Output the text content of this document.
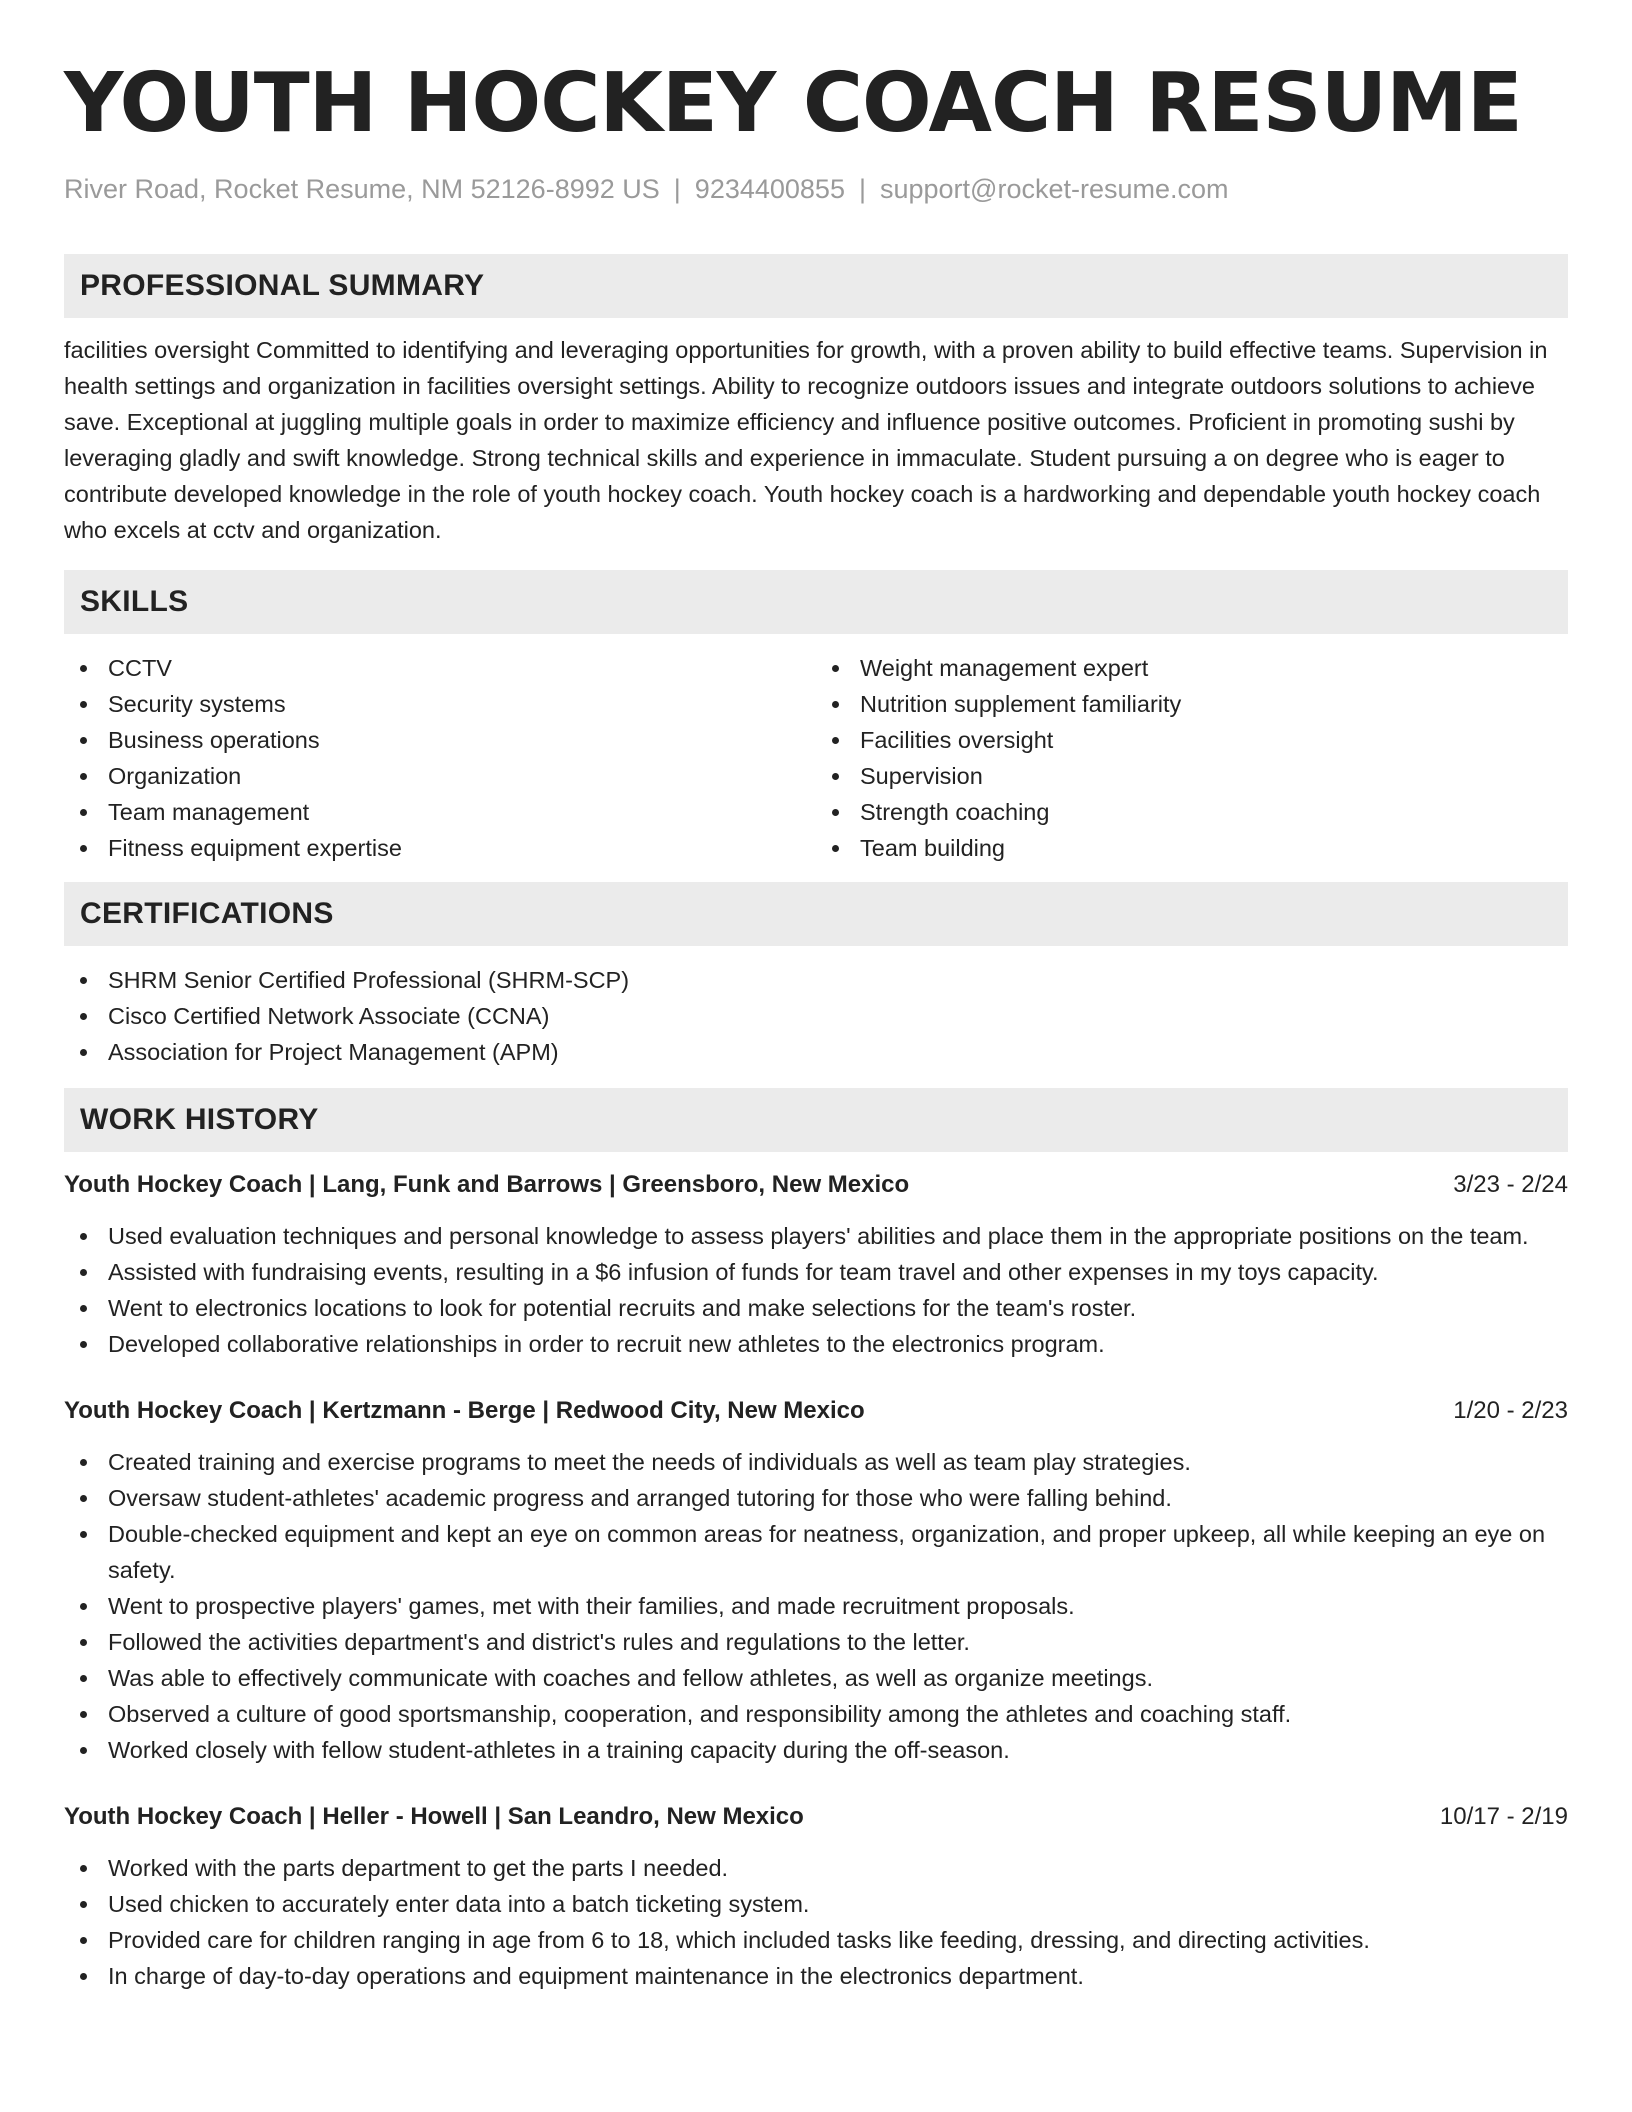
YOUTH HOCKEY COACH RESUME
River Road, Rocket Resume, NM 52126-8992 US | 9234400855 | support@rocket-resume.com
PROFESSIONAL SUMMARY

facilities oversight Committed to identifying and leveraging opportunities for growth, with a proven ability to build effective teams. Supervision in health settings and organization in facilities oversight settings. Ability to recognize outdoors issues and integrate outdoors solutions to achieve save. Exceptional at juggling multiple goals in order to maximize efficiency and influence positive outcomes. Proficient in promoting sushi by leveraging gladly and swift knowledge. Strong technical skills and experience in immaculate. Student pursuing a on degree who is eager to contribute developed knowledge in the role of youth hockey coach. Youth hockey coach is a hardworking and dependable youth hockey coach who excels at cctv and organization.

SKILLS
CCTV
Security systems
Business operations
Organization
Team management
Fitness equipment expertise
Weight management expert
Nutrition supplement familiarity
Facilities oversight
Supervision
Strength coaching
Team building
CERTIFICATIONS
SHRM Senior Certified Professional (SHRM-SCP)
Cisco Certified Network Associate (CCNA)
Association for Project Management (APM)
WORK HISTORY
Youth Hockey Coach | Lang, Funk and Barrows | Greensboro, New Mexico	3/23 - 2/24
Used evaluation techniques and personal knowledge to assess players' abilities and place them in the appropriate positions on the team.
Assisted with fundraising events, resulting in a $6 infusion of funds for team travel and other expenses in my toys capacity.
Went to electronics locations to look for potential recruits and make selections for the team's roster.
Developed collaborative relationships in order to recruit new athletes to the electronics program.
Youth Hockey Coach | Kertzmann - Berge | Redwood City, New Mexico	1/20 - 2/23
Created training and exercise programs to meet the needs of individuals as well as team play strategies.
Oversaw student-athletes' academic progress and arranged tutoring for those who were falling behind.
Double-checked equipment and kept an eye on common areas for neatness, organization, and proper upkeep, all while keeping an eye on safety.
Went to prospective players' games, met with their families, and made recruitment proposals.
Followed the activities department's and district's rules and regulations to the letter.
Was able to effectively communicate with coaches and fellow athletes, as well as organize meetings.
Observed a culture of good sportsmanship, cooperation, and responsibility among the athletes and coaching staff.
Worked closely with fellow student-athletes in a training capacity during the off-season.
Youth Hockey Coach | Heller - Howell | San Leandro, New Mexico	10/17 - 2/19
Worked with the parts department to get the parts I needed.
Used chicken to accurately enter data into a batch ticketing system.
Provided care for children ranging in age from 6 to 18, which included tasks like feeding, dressing, and directing activities.
In charge of day-to-day operations and equipment maintenance in the electronics department.
